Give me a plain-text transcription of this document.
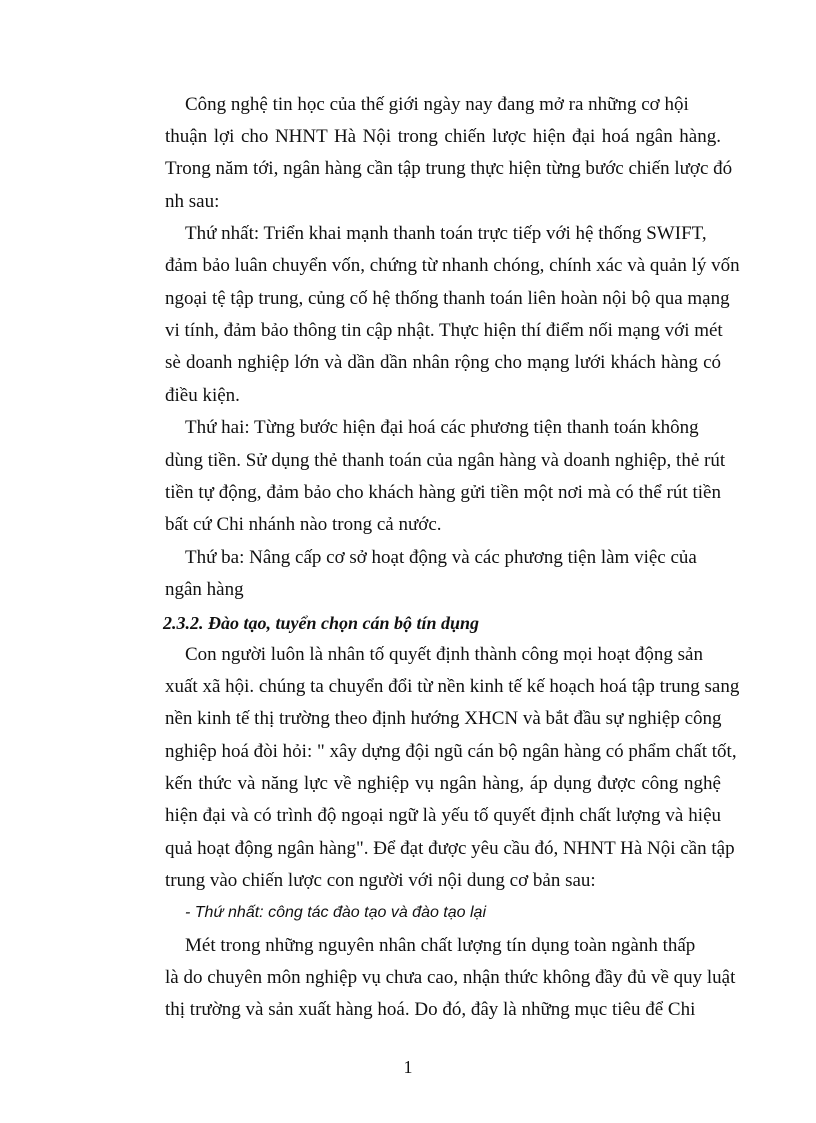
Công nghệ tin học của thế giới ngày nay đang mở ra những cơ hội
thuận lợi cho NHNT Hà Nội trong chiến lược hiện đại hoá ngân hàng.
Trong năm tới, ngân hàng cần tập trung thực hiện từng bước chiến lược đó
nh sau:
Thứ nhất: Triển khai mạnh thanh toán trực tiếp với hệ thống SWIFT,
đảm bảo luân chuyển vốn, chứng từ nhanh chóng, chính xác và quản lý vốn
ngoại tệ tập trung, củng cố hệ thống thanh toán liên hoàn nội bộ qua mạng
vi tính, đảm bảo thông tin cập nhật. Thực hiện thí điểm nối mạng với mét
sè doanh nghiệp lớn và dần dần nhân rộng cho mạng lưới khách hàng có
điều kiện.
Thứ hai: Từng bước hiện đại hoá các phương tiện thanh toán không
dùng tiền. Sử dụng thẻ thanh toán của ngân hàng và doanh nghiệp, thẻ rút
tiền tự động, đảm bảo cho khách hàng gửi tiền một nơi mà có thể rút tiền
bất cứ Chi nhánh nào trong cả nước.
Thứ ba: Nâng cấp cơ sở hoạt động và các phương tiện làm việc của
ngân hàng
2.3.2. Đào tạo, tuyển chọn cán bộ tín dụng
Con người luôn là nhân tố quyết định thành công mọi hoạt động sản
xuất xã hội. chúng ta chuyển đổi từ nền kinh tế kế hoạch hoá tập trung sang
nền kinh tế thị trường theo định hướng XHCN và bắt đầu sự nghiệp công
nghiệp hoá đòi hỏi: " xây dựng đội ngũ cán bộ ngân hàng có phẩm chất tốt,
kến thức và năng lực về nghiệp vụ ngân hàng, áp dụng được công nghệ
hiện đại và có trình độ ngoại ngữ là yếu tố quyết định chất lượng và hiệu
quả hoạt động ngân hàng". Để đạt được yêu cầu đó, NHNT Hà Nội cần tập
trung vào chiến lược con người với nội dung cơ bản sau:
- Thứ nhất: công tác đào tạo và đào tạo lại
Mét trong những nguyên nhân chất lượng tín dụng toàn ngành thấp
là do chuyên môn nghiệp vụ chưa cao, nhận thức không đầy đủ về quy luật
thị trường và sản xuất hàng hoá. Do đó, đây là những mục tiêu để Chi
1
